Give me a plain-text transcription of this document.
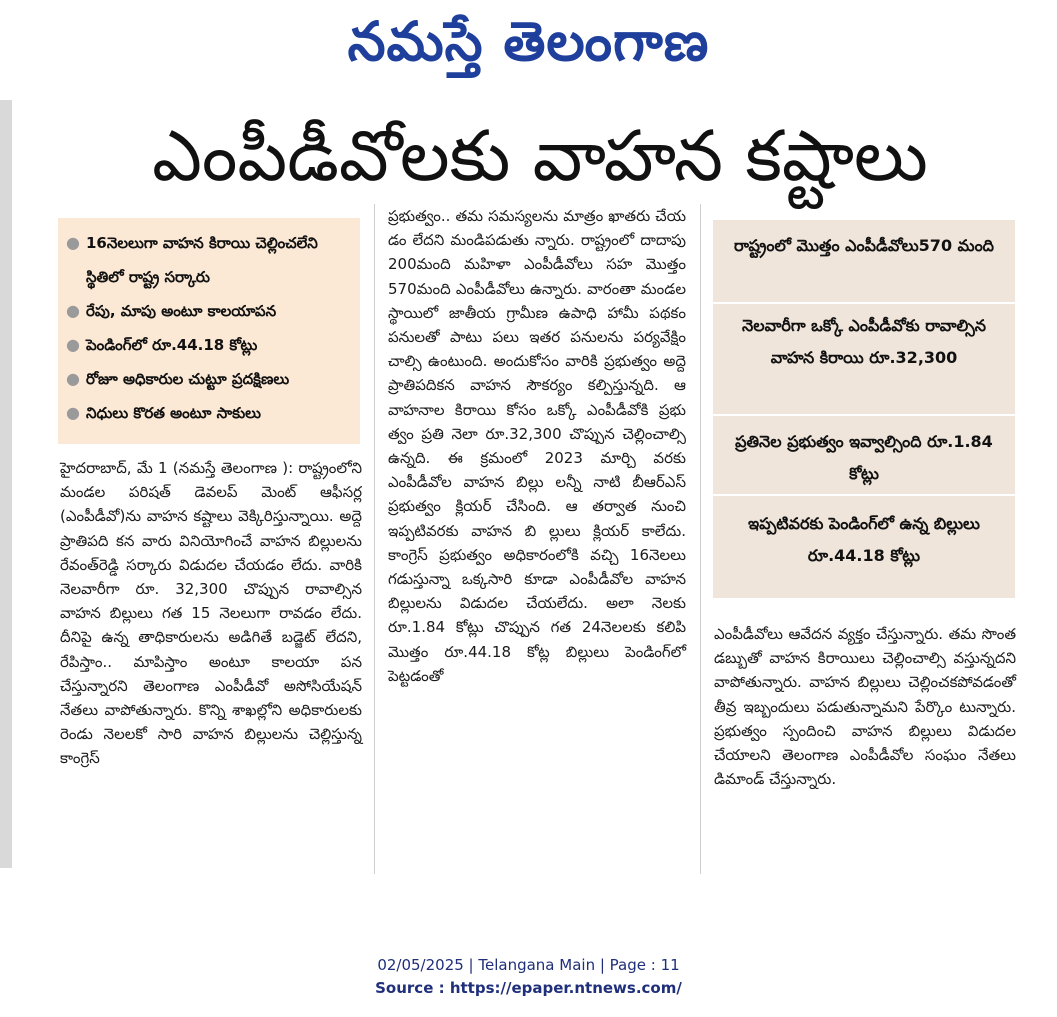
నమస్తే తెలంగాణ
ఎంపీడీవోలకు వాహన కష్టాలు
● 16నెలలుగా వాహన కిరాయి చెల్లించలేని స్థితిలో రాష్ట్ర సర్కారు
● రేపు, మాపు అంటూ కాలయాపన
● పెండింగ్‌లో రూ.44.18 కోట్లు
● రోజూ అధికారుల చుట్టూ ప్రదక్షిణలు
● నిధులు కొరత అంటూ సాకులు

హైదరాబాద్, మే 1 (నమస్తే తెలంగాణ ): రాష్ట్రంలోని మండల పరిషత్ డెవలప్ మెంట్ ఆఫీసర్ల (ఎంపీడీవో)ను వాహన కష్టాలు వెక్కిరిస్తున్నాయి. అద్దె ప్రాతిపది కన వారు వినియోగించే వాహన బిల్లులను రేవంత్‌రెడ్డి సర్కారు విడుదల చేయడం లేదు. వారికి నెలవారీగా రూ. 32,300 చొప్పున రావాల్సిన వాహన బిల్లులు గత 15 నెలలుగా రావడం లేదు. దీనిపై ఉన్న తాధికారులను అడిగితే బడ్జెట్ లేదని, రేపిస్తాం.. మాపిస్తాం అంటూ కాలయా పన చేస్తున్నారని తెలంగాణ ఎంపీడీవో అసోసియేషన్ నేతలు వాపోతున్నారు. కొన్ని శాఖల్లోని అధికారులకు రెండు నెలలకో సారి వాహన బిల్లులను చెల్లిస్తున్న కాంగ్రెస్

ప్రభుత్వం.. తమ సమస్యలను మాత్రం ఖాతరు చేయ డం లేదని మండిపడుతు న్నారు. రాష్ట్రంలో దాదాపు 200మంది మహిళా ఎంపీడీవోలు సహ మొత్తం 570మంది ఎంపీడీవోలు ఉన్నారు. వారంతా మండల స్థాయిలో జాతీయ గ్రామీణ ఉపాధి హామీ పథకం పనులతో పాటు పలు ఇతర పనులను పర్యవేక్షిం చాల్సి ఉంటుంది. అందుకోసం వారికి ప్రభుత్వం అద్దె ప్రాతిపదికన వాహన సౌకర్యం కల్పిస్తున్నది. ఆ వాహనాల కిరాయి కోసం ఒక్కో ఎంపీడీవోకి ప్రభు త్వం ప్రతి నెలా రూ.32,300 చొప్పున చెల్లించాల్సి ఉన్నది. ఈ క్రమంలో 2023 మార్చి వరకు ఎంపీడీవోల వాహన బిల్లు లన్నీ నాటి బీఆర్ఎస్ ప్రభుత్వం క్లియర్ చేసింది. ఆ తర్వాత నుంచి ఇప్పటివరకు వాహన బి ల్లులు క్లియర్ కాలేదు. కాంగ్రెస్ ప్రభుత్వం అధికారంలోకి వచ్చి 16నెలలు గడుస్తున్నా ఒక్కసారి కూడా ఎంపీడీవోల వాహన బిల్లులను విడుదల చేయలేదు. అలా నెలకు రూ.1.84 కోట్లు చొప్పున గత 24నెలలకు కలిపి మొత్తం రూ.44.18 కోట్ల బిల్లులు పెండింగ్‌లో పెట్టడంతో

రాష్ట్రంలో మొత్తం ఎంపీడీవోలు570 మంది
నెలవారీగా ఒక్కో ఎంపీడీవోకు రావాల్సిన వాహన కిరాయి రూ.32,300
ప్రతినెల ప్రభుత్వం ఇవ్వాల్సింది రూ.1.84 కోట్లు
ఇప్పటివరకు పెండింగ్‌లో ఉన్న బిల్లులు రూ.44.18 కోట్లు

ఎంపీడీవోలు ఆవేదన వ్యక్తం చేస్తున్నారు. తమ సొంత డబ్బుతో వాహన కిరాయిలు చెల్లించాల్సి వస్తున్నదని వాపోతున్నారు. వాహన బిల్లులు చెల్లించకపోవడంతో తీవ్ర ఇబ్బందులు పడుతున్నామని పేర్కొం టున్నారు. ప్రభుత్వం స్పందించి వాహన బిల్లులు విడుదల చేయాలని తెలంగాణ ఎంపీడీవోల సంఘం నేతలు డిమాండ్ చేస్తున్నారు.

02/05/2025 | Telangana Main | Page : 11
Source : https://epaper.ntnews.com/
